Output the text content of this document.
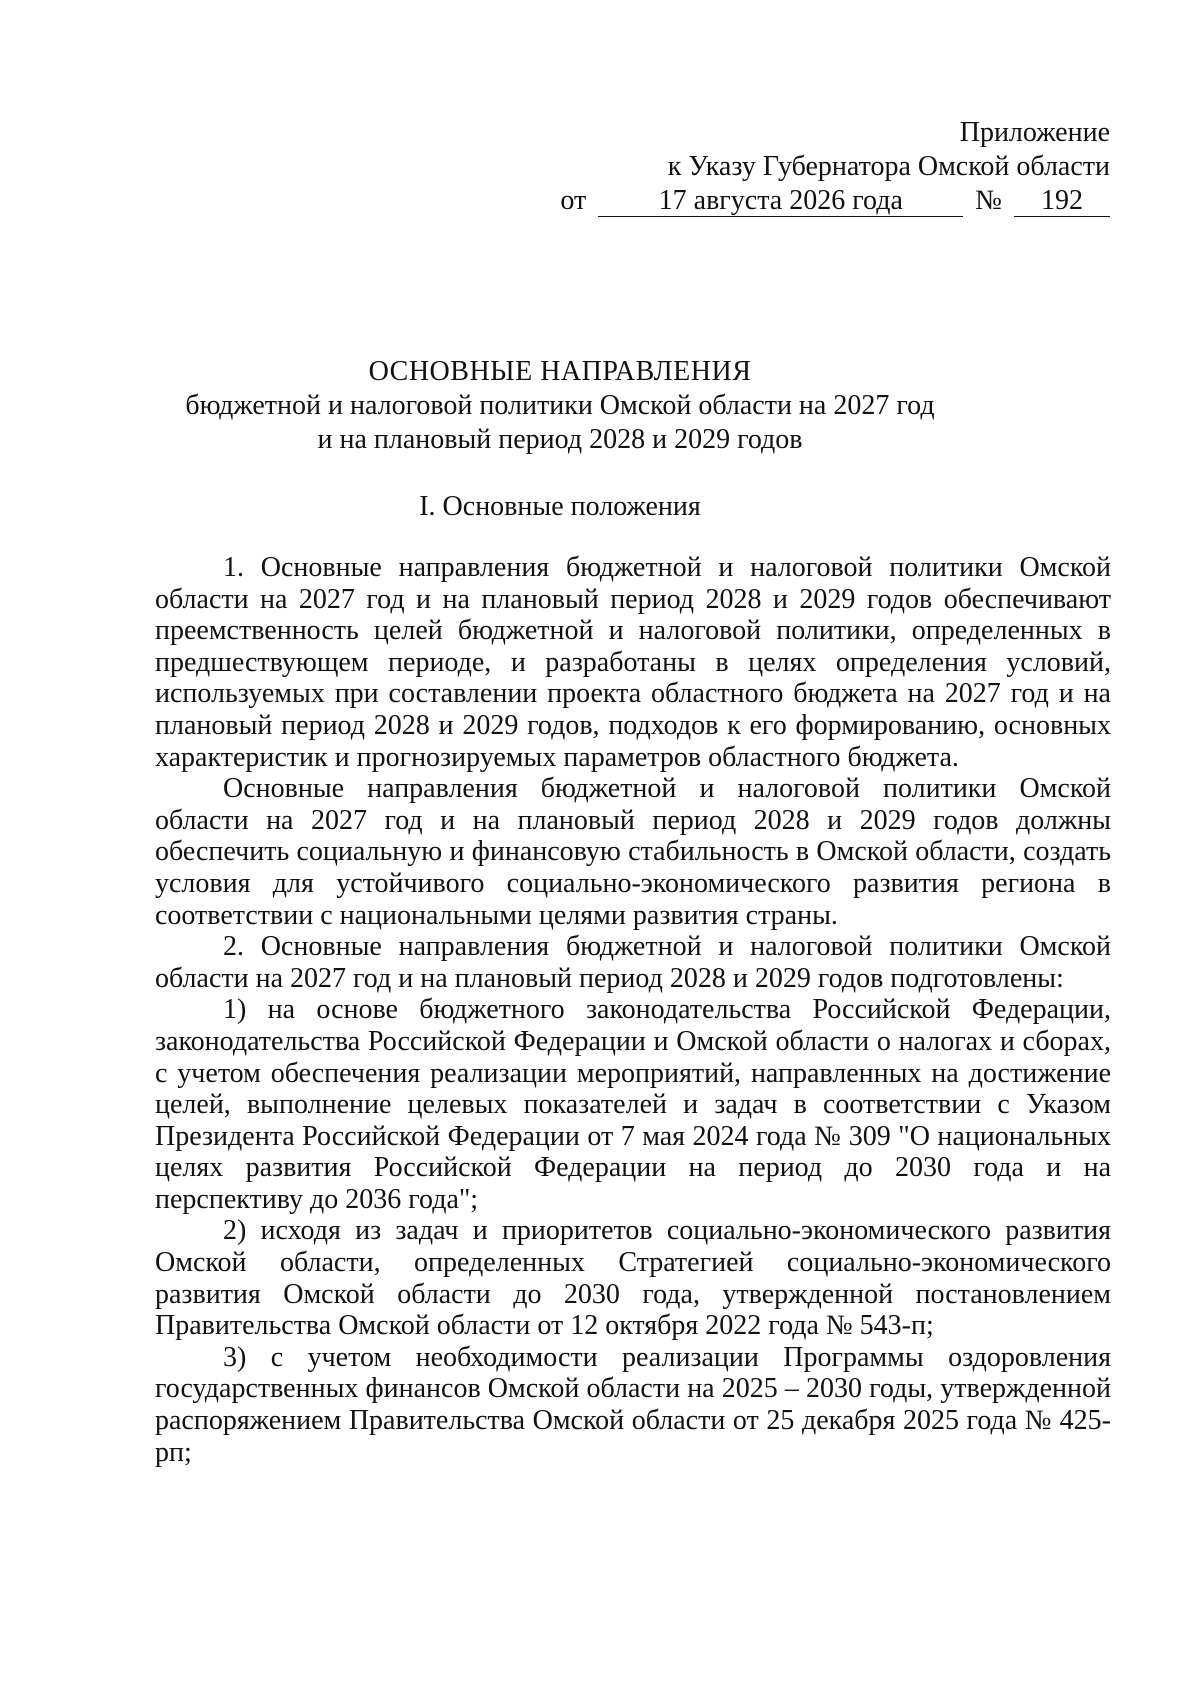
Приложение
к Указу Губернатора Омской области
от	17 августа 2026 года	№ 192
ОСНОВНЫЕ НАПРАВЛЕНИЯ
бюджетной и налоговой политики Омской области на 2027 год
и на плановый период 2028 и 2029 годов
I. Основные положения

1. Основные направления бюджетной и налоговой политики Омской области на 2027 год и на плановый период 2028 и 2029 годов обеспечивают преемственность целей бюджетной и налоговой политики, определенных в предшествующем периоде, и разработаны в целях определения условий, используемых при составлении проекта областного бюджета на 2027 год и на плановый период 2028 и 2029 годов, подходов к его формированию, основных характеристик и прогнозируемых параметров областного бюджета.

Основные направления бюджетной и налоговой политики Омской области на 2027 год и на плановый период 2028 и 2029 годов должны обеспечить социальную и финансовую стабильность в Омской области, создать условия для устойчивого социально-экономического развития региона в соответствии с национальными целями развития страны.

2. Основные направления бюджетной и налоговой политики Омской области на 2027 год и на плановый период 2028 и 2029 годов подготовлены:

1) на основе бюджетного законодательства Российской Федерации, законодательства Российской Федерации и Омской области о налогах и сборах, с учетом обеспечения реализации мероприятий, направленных на достижение целей, выполнение целевых показателей и задач в соответствии с Указом Президента Российской Федерации от 7 мая 2024 года № 309 "О национальных целях развития Российской Федерации на период до 2030 года и на перспективу до 2036 года";

2) исходя из задач и приоритетов социально-экономического развития Омской области, определенных Стратегией социально-экономического развития Омской области до 2030 года, утвержденной постановлением Правительства Омской области от 12 октября 2022 года № 543-п;

3) с учетом необходимости реализации Программы оздоровления государственных финансов Омской области на 2025 – 2030 годы, утвержденной распоряжением Правительства Омской области от 25 декабря 2025 года № 425-рп;
